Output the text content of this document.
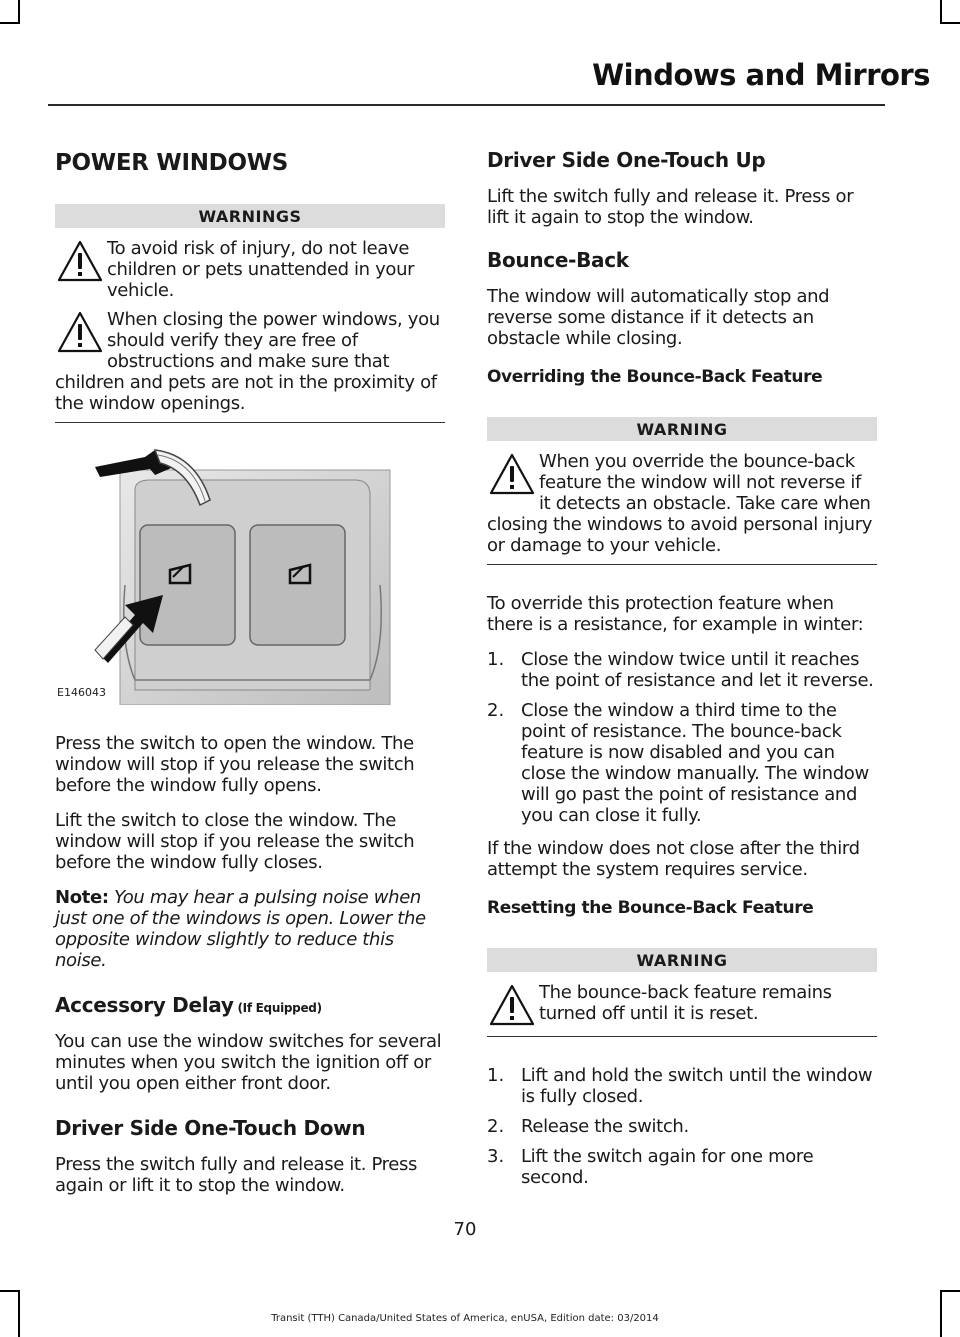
Windows and Mirrors
POWER WINDOWS
WARNINGS

To avoid risk of injury, do not leave children or pets unattended in your vehicle.

When closing the power windows, you should verify they are free of obstructions and make sure that children and pets are not in the proximity of the window openings.

E146043

Press the switch to open the window. The window will stop if you release the switch before the window fully opens.

Lift the switch to close the window. The window will stop if you release the switch before the window fully closes.

Note: You may hear a pulsing noise when just one of the windows is open. Lower the opposite window slightly to reduce this noise.

Accessory Delay (If Equipped)

You can use the window switches for several minutes when you switch the ignition off or until you open either front door.

Driver Side One-Touch Down

Press the switch fully and release it. Press again or lift it to stop the window.

Driver Side One-Touch Up

Lift the switch fully and release it. Press or lift it again to stop the window.

Bounce-Back

The window will automatically stop and reverse some distance if it detects an obstacle while closing.

Overriding the Bounce-Back Feature
WARNING

When you override the bounce-back feature the window will not reverse if it detects an obstacle. Take care when closing the windows to avoid personal injury or damage to your vehicle.

To override this protection feature when there is a resistance, for example in winter:

1. Close the window twice until it reaches the point of resistance and let it reverse.
2. Close the window a third time to the point of resistance. The bounce-back feature is now disabled and you can close the window manually. The window will go past the point of resistance and you can close it fully.

If the window does not close after the third attempt the system requires service.

Resetting the Bounce-Back Feature
WARNING

The bounce-back feature remains turned off until it is reset.

1. Lift and hold the switch until the window is fully closed.
2. Release the switch.
3. Lift the switch again for one more second.
70
Transit (TTH) Canada/United States of America, enUSA, Edition date: 03/2014
